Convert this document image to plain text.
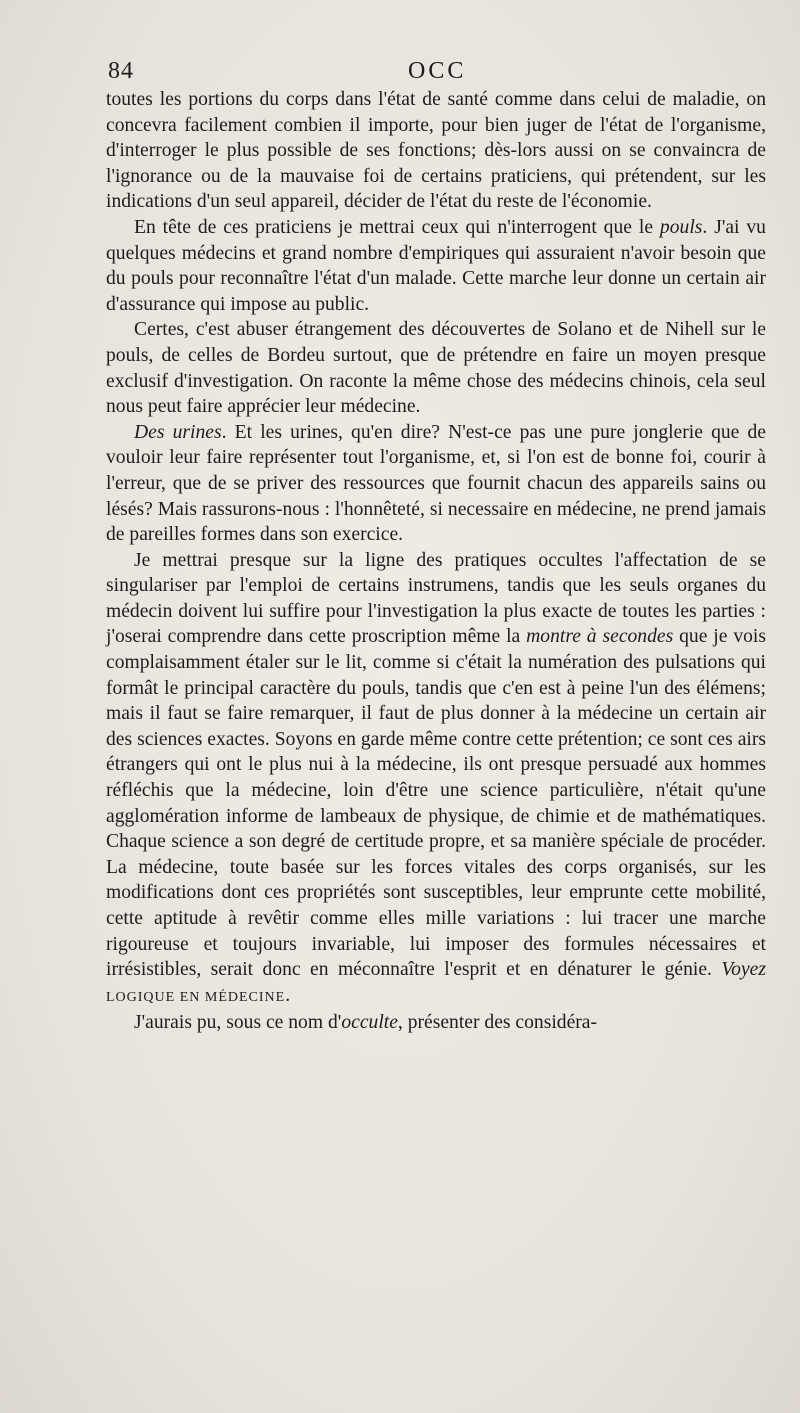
84	OCC

toutes les portions du corps dans l'état de santé comme dans celui de maladie, on concevra facilement combien il importe, pour bien juger de l'état de l'organisme, d'interroger le plus possible de ses fonctions; dès-lors aussi on se convaincra de l'ignorance ou de la mauvaise foi de certains praticiens, qui prétendent, sur les indications d'un seul appareil, décider de l'état du reste de l'économie.

En tête de ces praticiens je mettrai ceux qui n'interrogent que le pouls. J'ai vu quelques médecins et grand nombre d'empiriques qui assuraient n'avoir besoin que du pouls pour reconnaître l'état d'un malade. Cette marche leur donne un certain air d'assurance qui impose au public.

Certes, c'est abuser étrangement des découvertes de Solano et de Nihell sur le pouls, de celles de Bordeu surtout, que de prétendre en faire un moyen presque exclusif d'investigation. On raconte la même chose des médecins chinois, cela seul nous peut faire apprécier leur médecine.

Des urines. Et les urines, qu'en dire? N'est-ce pas une pure jonglerie que de vouloir leur faire représenter tout l'organisme, et, si l'on est de bonne foi, courir à l'erreur, que de se priver des ressources que fournit chacun des appareils sains ou lésés? Mais rassurons-nous : l'honnêteté, si necessaire en médecine, ne prend jamais de pareilles formes dans son exercice.

Je mettrai presque sur la ligne des pratiques occultes l'affectation de se singulariser par l'emploi de certains instrumens, tandis que les seuls organes du médecin doivent lui suffire pour l'investigation la plus exacte de toutes les parties : j'oserai comprendre dans cette proscription même la montre à secondes que je vois complaisamment étaler sur le lit, comme si c'était la numération des pulsations qui formât le principal caractère du pouls, tandis que c'en est à peine l'un des élémens; mais il faut se faire remarquer, il faut de plus donner à la médecine un certain air des sciences exactes. Soyons en garde même contre cette prétention; ce sont ces airs étrangers qui ont le plus nui à la médecine, ils ont presque persuadé aux hommes réfléchis que la médecine, loin d'être une science particulière, n'était qu'une agglomération informe de lambeaux de physique, de chimie et de mathématiques. Chaque science a son degré de certitude propre, et sa manière spéciale de procéder. La médecine, toute basée sur les forces vitales des corps organisés, sur les modifications dont ces propriétés sont susceptibles, leur emprunte cette mobilité, cette aptitude à revêtir comme elles mille variations : lui tracer une marche rigoureuse et toujours invariable, lui imposer des formules nécessaires et irrésistibles, serait donc en méconnaître l'esprit et en dénaturer le génie. Voyez LOGIQUE EN MÉDECINE.

J'aurais pu, sous ce nom d'occulte, présenter des considéra-
